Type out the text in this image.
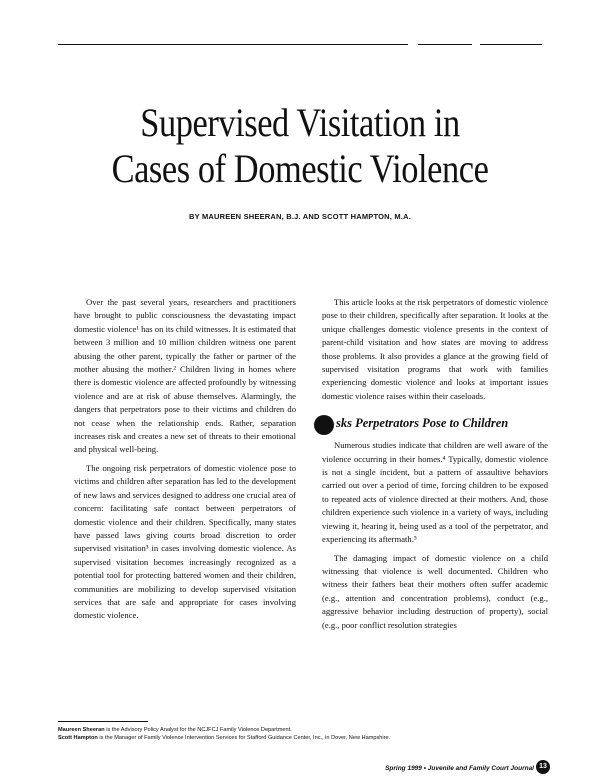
Supervised Visitation in
Cases of Domestic Violence
BY MAUREEN SHEERAN, B.J. AND SCOTT HAMPTON, M.A.

Over the past several years, researchers and practitioners have brought to public consciousness the devastating impact domestic violence¹ has on its child witnesses. It is estimated that between 3 million and 10 million children witness one parent abusing the other parent, typically the father or partner of the mother abusing the mother.² Children living in homes where there is domestic violence are affected profoundly by witnessing violence and are at risk of abuse themselves. Alarmingly, the dangers that perpetrators pose to their victims and children do not cease when the relationship ends. Rather, separation increases risk and creates a new set of threats to their emotional and physical well-being.

The ongoing risk perpetrators of domestic violence pose to victims and children after separation has led to the development of new laws and services designed to address one crucial area of concern: facilitating safe contact between perpetrators of domestic violence and their children. Specifically, many states have passed laws giving courts broad discretion to order supervised visitation³ in cases involving domestic violence. As supervised visitation becomes increasingly recognized as a potential tool for protecting battered women and their children, communities are mobilizing to develop supervised visitation services that are safe and appropriate for cases involving domestic violence.

This article looks at the risk perpetrators of domestic violence pose to their children, specifically after separation. It looks at the unique challenges domestic violence presents in the context of parent-child visitation and how states are moving to address those problems. It also provides a glance at the growing field of supervised visitation programs that work with families experiencing domestic violence and looks at important issues domestic violence raises within their caseloads.

sks Perpetrators Pose to Children

Numerous studies indicate that children are well aware of the violence occurring in their homes.⁴ Typically, domestic violence is not a single incident, but a pattern of assaultive behaviors carried out over a period of time, forcing children to be exposed to repeated acts of violence directed at their mothers. And, those children experience such violence in a variety of ways, including viewing it, hearing it, being used as a tool of the perpetrator, and experiencing its aftermath.⁵

The damaging impact of domestic violence on a child witnessing that violence is well documented. Children who witness their fathers beat their mothers often suffer academic (e.g., attention and concentration problems), conduct (e.g., aggressive behavior including destruction of property), social (e.g., poor conflict resolution strategies

Maureen Sheeran is the Advisory Policy Analyst for the NCJFCJ Family Violence Department.
Scott Hampton is the Manager of Family Violence Intervention Services for Stafford Guidance Center, Inc., in Dover, New Hampshire.
Spring 1999 • Juvenile and Family Court Journal 13
